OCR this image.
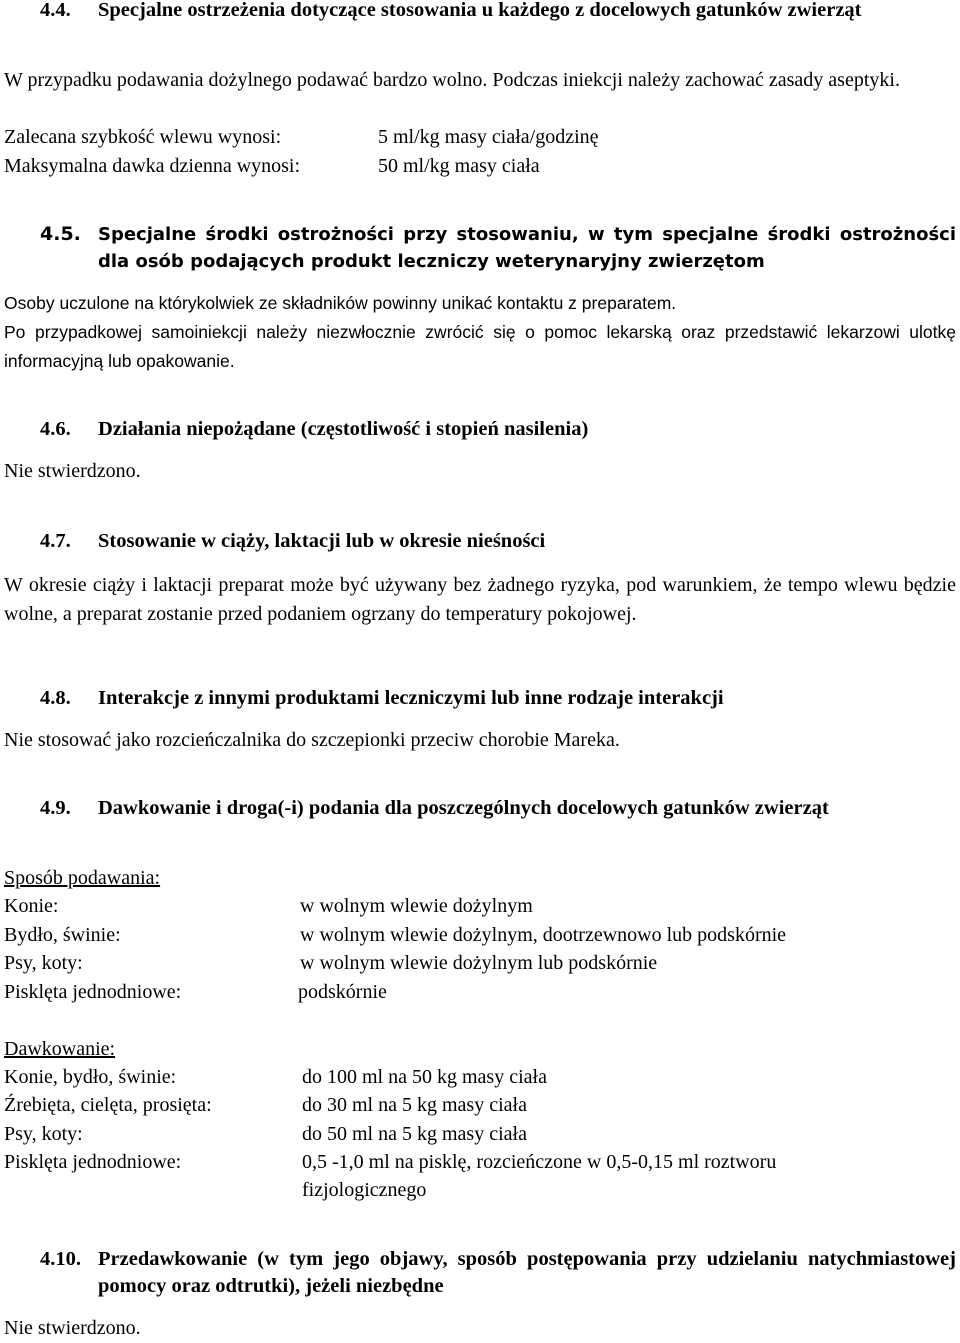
4.4. Specjalne ostrzeżenia dotyczące stosowania u każdego z docelowych gatunków zwierząt

W przypadku podawania dożylnego podawać bardzo wolno. Podczas iniekcji należy zachować zasady aseptyki.

Zalecana szybkość wlewu wynosi:	5 ml/kg masy ciała/godzinę
Maksymalna dawka dzienna wynosi:	50 ml/kg masy ciała
4.5. Specjalne środki ostrożności przy stosowaniu, w tym specjalne środki ostrożności dla osób podających produkt leczniczy weterynaryjny zwierzętom

Osoby uczulone na którykolwiek ze składników powinny unikać kontaktu z preparatem.

Po przypadkowej samoiniekcji należy niezwłocznie zwrócić się o pomoc lekarską oraz przedstawić lekarzowi ulotkę informacyjną lub opakowanie.

4.6. Działania niepożądane (częstotliwość i stopień nasilenia)

Nie stwierdzono.

4.7. Stosowanie w ciąży, laktacji lub w okresie nieśności

W okresie ciąży i laktacji preparat może być używany bez żadnego ryzyka, pod warunkiem, że tempo wlewu będzie wolne, a preparat zostanie przed podaniem ogrzany do temperatury pokojowej.

4.8. Interakcje z innymi produktami leczniczymi lub inne rodzaje interakcji

Nie stosować jako rozcieńczalnika do szczepionki przeciw chorobie Mareka.

4.9. Dawkowanie i droga(-i) podania dla poszczególnych docelowych gatunków zwierząt
Sposób podawania:
Konie:	w wolnym wlewie dożylnym
Bydło, świnie:	w wolnym wlewie dożylnym, dootrzewnowo lub podskórnie
Psy, koty:	w wolnym wlewie dożylnym lub podskórnie
Pisklęta jednodniowe:	podskórnie
Dawkowanie:
Konie, bydło, świnie:	do 100 ml na 50 kg masy ciała
Źrebięta, cielęta, prosięta:	do 30 ml na 5 kg masy ciała
Psy, koty:	do 50 ml na 5 kg masy ciała
Pisklęta jednodniowe:	0,5 -1,0 ml na pisklę, rozcieńczone w 0,5-0,15 ml roztworu fizjologicznego
4.10. Przedawkowanie (w tym jego objawy, sposób postępowania przy udzielaniu natychmiastowej pomocy oraz odtrutki), jeżeli niezbędne

Nie stwierdzono.
